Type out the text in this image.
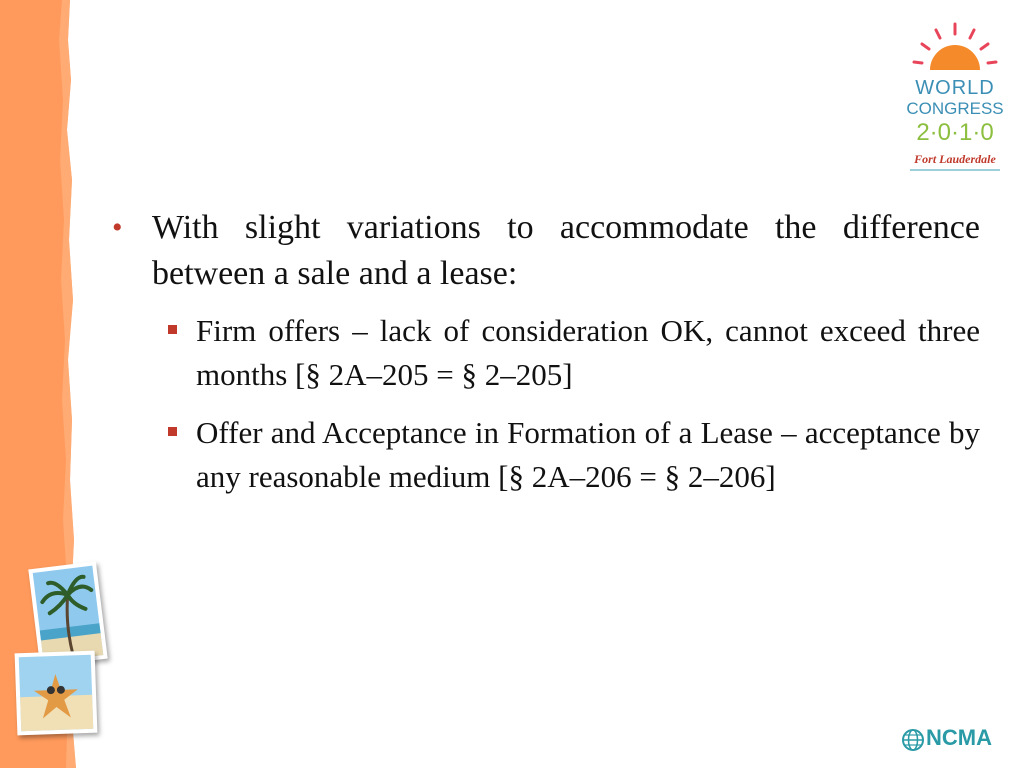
WORLD
CONGRESS
2·0·1·0
Fort Lauderdale
• With slight variations to accommodate the difference between a sale and a lease:
Firm offers – lack of consideration OK, cannot exceed three months [§ 2A–205 = § 2–205]
Offer and Acceptance in Formation of a Lease – acceptance by any reasonable medium [§ 2A–206 = § 2–206]
NCMA
